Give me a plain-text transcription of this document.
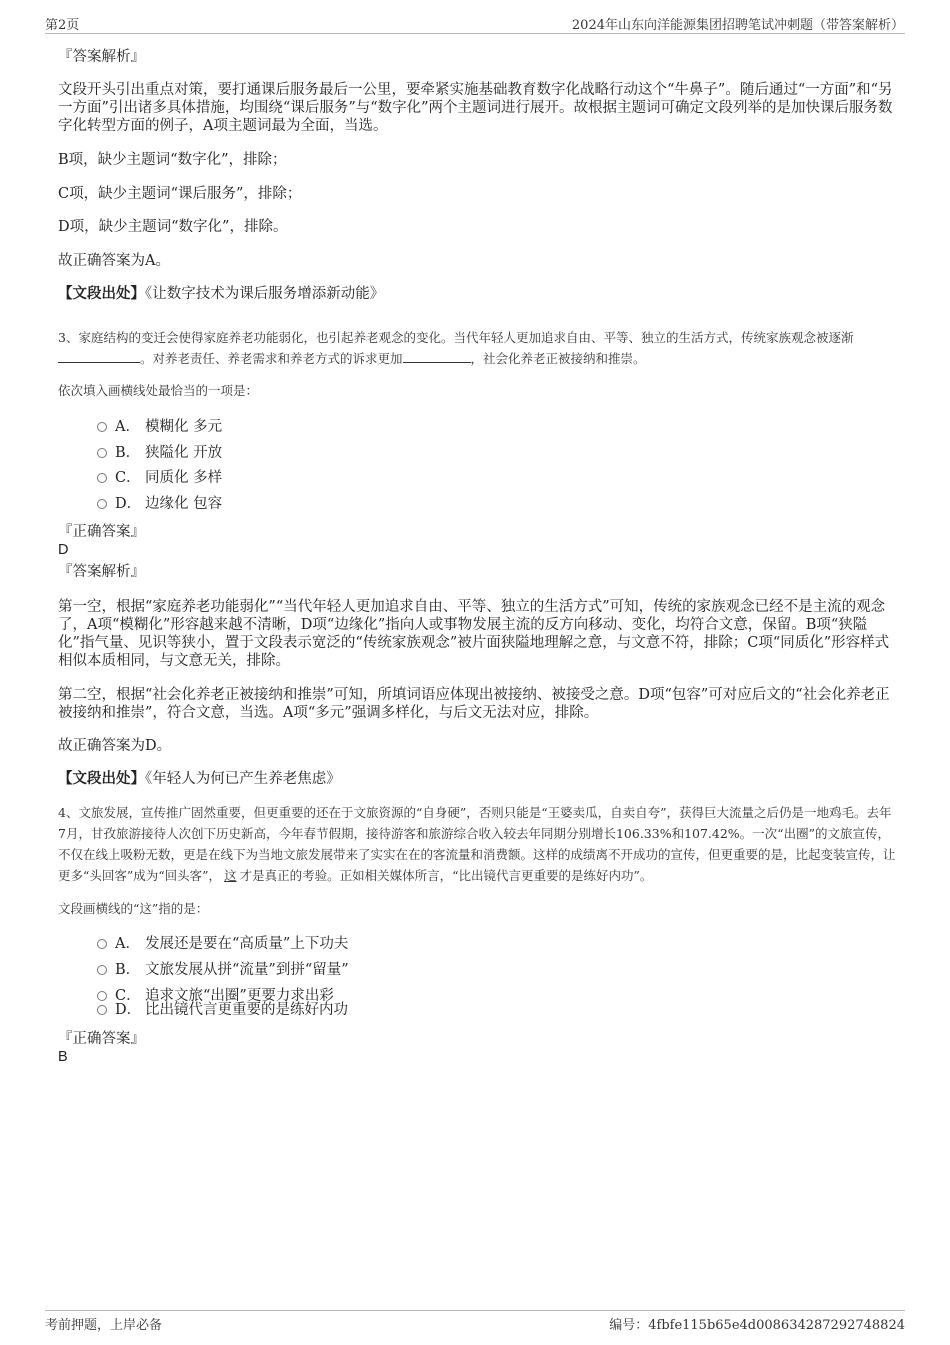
第2页	2024年山东向洋能源集团招聘笔试冲刺题（带答案解析）
『答案解析』
文段开头引出重点对策，要打通课后服务最后一公里，要牵紧实施基础教育数字化战略行动这个“牛鼻子”。随后通过“一方面”和“另一方面”引出诸多具体措施，均围绕“课后服务”与“数字化”两个主题词进行展开。故根据主题词可确定文段列举的是加快课后服务数字化转型方面的例子，A项主题词最为全面，当选。
B项，缺少主题词“数字化”，排除；
C项，缺少主题词“课后服务”，排除；
D项，缺少主题词“数字化”，排除。
故正确答案为A。
【文段出处】《让数字技术为课后服务增添新动能》
3、家庭结构的变迁会使得家庭养老功能弱化，也引起养老观念的变化。当代年轻人更加追求自由、平等、独立的生活方式，传统家族观念被逐渐。对养老责任、养老需求和养老方式的诉求更加	，社会化养老正被接纳和推崇。
依次填入画横线处最恰当的一项是：
A． 模糊化 多元
B． 狭隘化 开放
C． 同质化 多样
D． 边缘化 包容
『正确答案』
D
『答案解析』
第一空，根据“家庭养老功能弱化”“当代年轻人更加追求自由、平等、独立的生活方式”可知，传统的家族观念已经不是主流的观念了，A项“模糊化”形容越来越不清晰，D项“边缘化”指向人或事物发展主流的反方向移动、变化，均符合文意，保留。B项“狭隘化”指气量、见识等狭小，置于文段表示宽泛的“传统家族观念”被片面狭隘地理解之意，与文意不符，排除；C项“同质化”形容样式相似本质相同，与文意无关，排除。
第二空，根据“社会化养老正被接纳和推崇”可知，所填词语应体现出被接纳、被接受之意。D项“包容”可对应后文的“社会化养老正被接纳和推崇”，符合文意，当选。A项“多元”强调多样化，与后文无法对应，排除。
故正确答案为D。
【文段出处】《年轻人为何已产生养老焦虑》
4、文旅发展，宣传推广固然重要，但更重要的还在于文旅资源的“自身硬”，否则只能是“王婆卖瓜，自卖自夸”，获得巨大流量之后仍是一地鸡毛。去年7月，甘孜旅游接待人次创下历史新高，今年春节假期，接待游客和旅游综合收入较去年同期分别增长106.33%和107.42%。一次“出圈”的文旅宣传，不仅在线上吸粉无数，更是在线下为当地文旅发展带来了实实在在的客流量和消费额。这样的成绩离不开成功的宣传，但更重要的是，比起变装宣传，让更多“头回客”成为“回头客”， 这 才是真正的考验。正如相关媒体所言，“比出镜代言更重要的是练好内功”。
文段画横线的“这”指的是：
A． 发展还是要在“高质量”上下功夫
B． 文旅发展从拼“流量”到拼“留量”
C． 追求文旅“出圈”更要力求出彩
D． 比出镜代言更重要的是练好内功
『正确答案』
B
考前押题，上岸必备	编号：4fbfe115b65e4d008634287292748824
